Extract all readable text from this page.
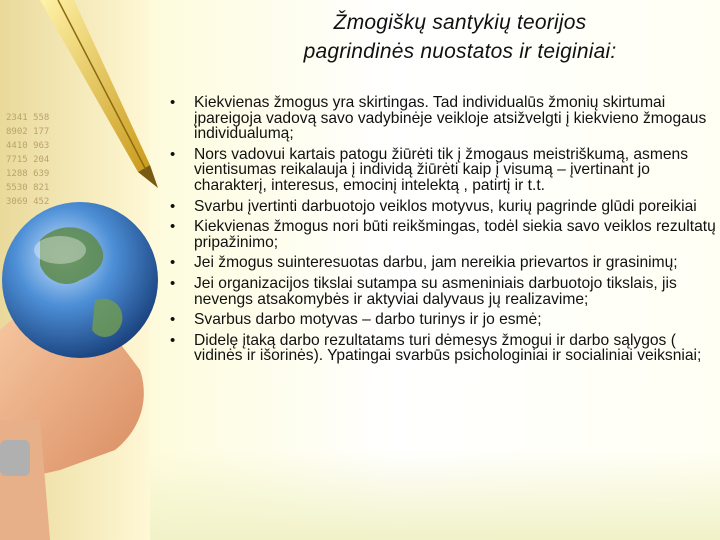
2341 558
8902 177
4410 963
7715 204
1288 639
5530 821
3069 452
Žmogiškų santykių teorijos
pagrindinės nuostatos ir teiginiai:
• Kiekvienas žmogus yra skirtingas. Tad individualūs žmonių skirtumai įpareigoja vadovą savo vadybinėje veikloje atsižvelgti į kiekvieno žmogaus individualumą;
• Nors vadovui kartais patogu žiūrėti tik į žmogaus meistriškumą, asmens vientisumas reikalauja į individą žiūrėti kaip į visumą – įvertinant jo charakterį, interesus, emocinį intelektą , patirtį ir t.t.
• Svarbu įvertinti darbuotojo veiklos motyvus, kurių pagrinde glūdi poreikiai
• Kiekvienas žmogus nori būti reikšmingas, todėl siekia savo veiklos rezultatų pripažinimo;
• Jei žmogus suinteresuotas darbu, jam nereikia prievartos ir grasinimų;
• Jei organizacijos tikslai sutampa su asmeniniais darbuotojo tikslais, jis nevengs atsakomybės ir aktyviai dalyvaus jų realizavime;
• Svarbus darbo motyvas – darbo turinys ir jo esmė;
• Didelę įtaką darbo rezultatams turi dėmesys žmogui ir darbo sąlygos ( vidinės ir išorinės). Ypatingai svarbūs psichologiniai ir socialiniai veiksniai;
